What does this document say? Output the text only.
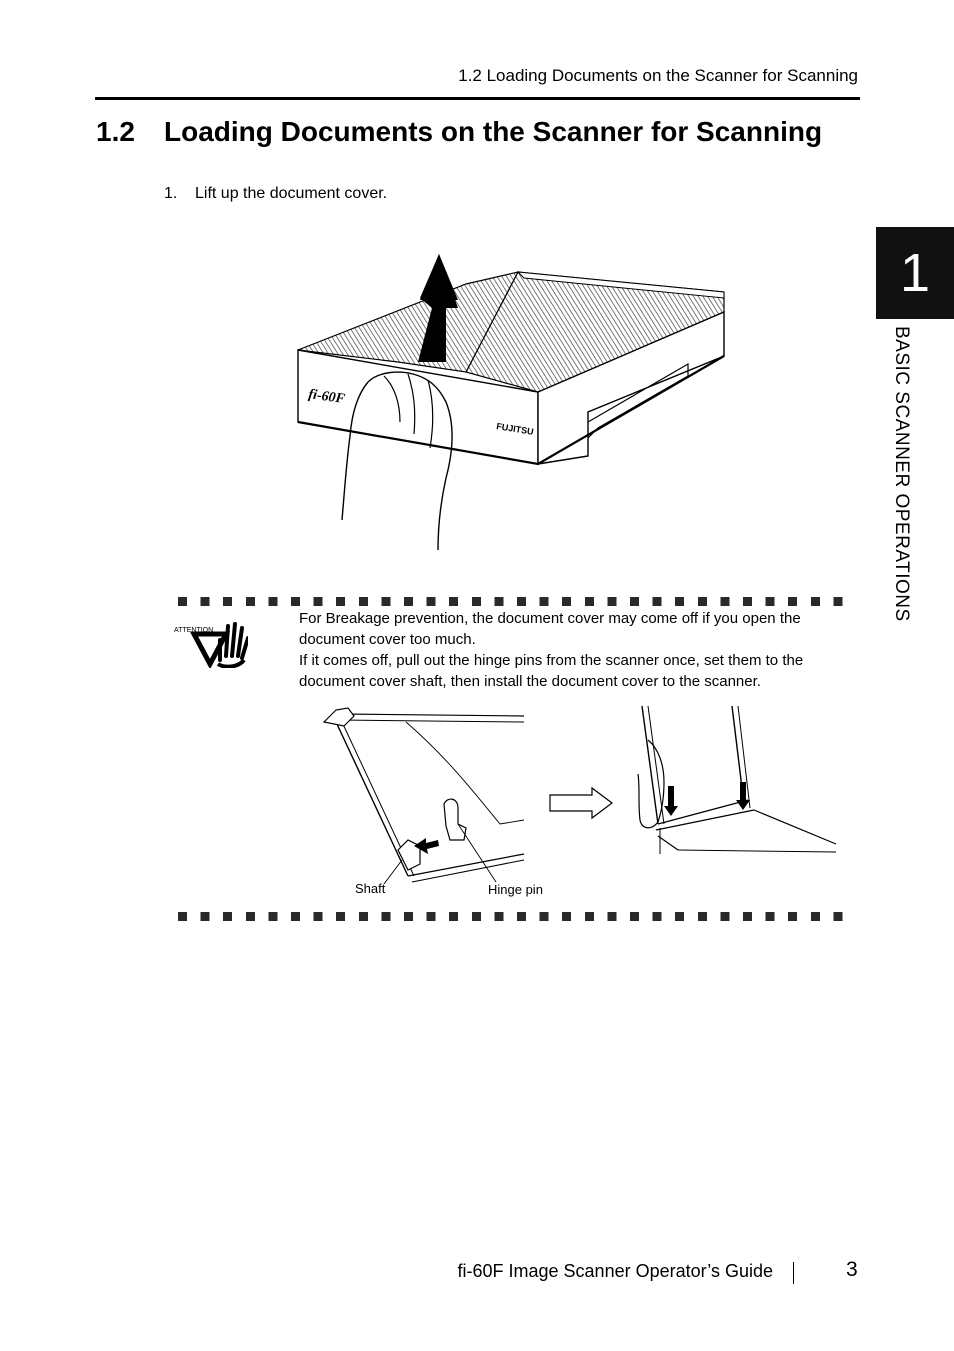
1.2 Loading Documents on the Scanner for Scanning
1.2 Loading Documents on the Scanner for Scanning
1. Lift up the document cover.
1
BASIC SCANNER OPERATIONS
fi-60F
FUJITSU
ATTENTION
For Breakage prevention, the document cover may come off if you open the
document cover too much.
If it comes off, pull out the hinge pins from the scanner once, set them to the
document cover shaft, then install the document cover to the scanner.
Shaft	Hinge pin
fi-60F Image Scanner Operator’s Guide	3
